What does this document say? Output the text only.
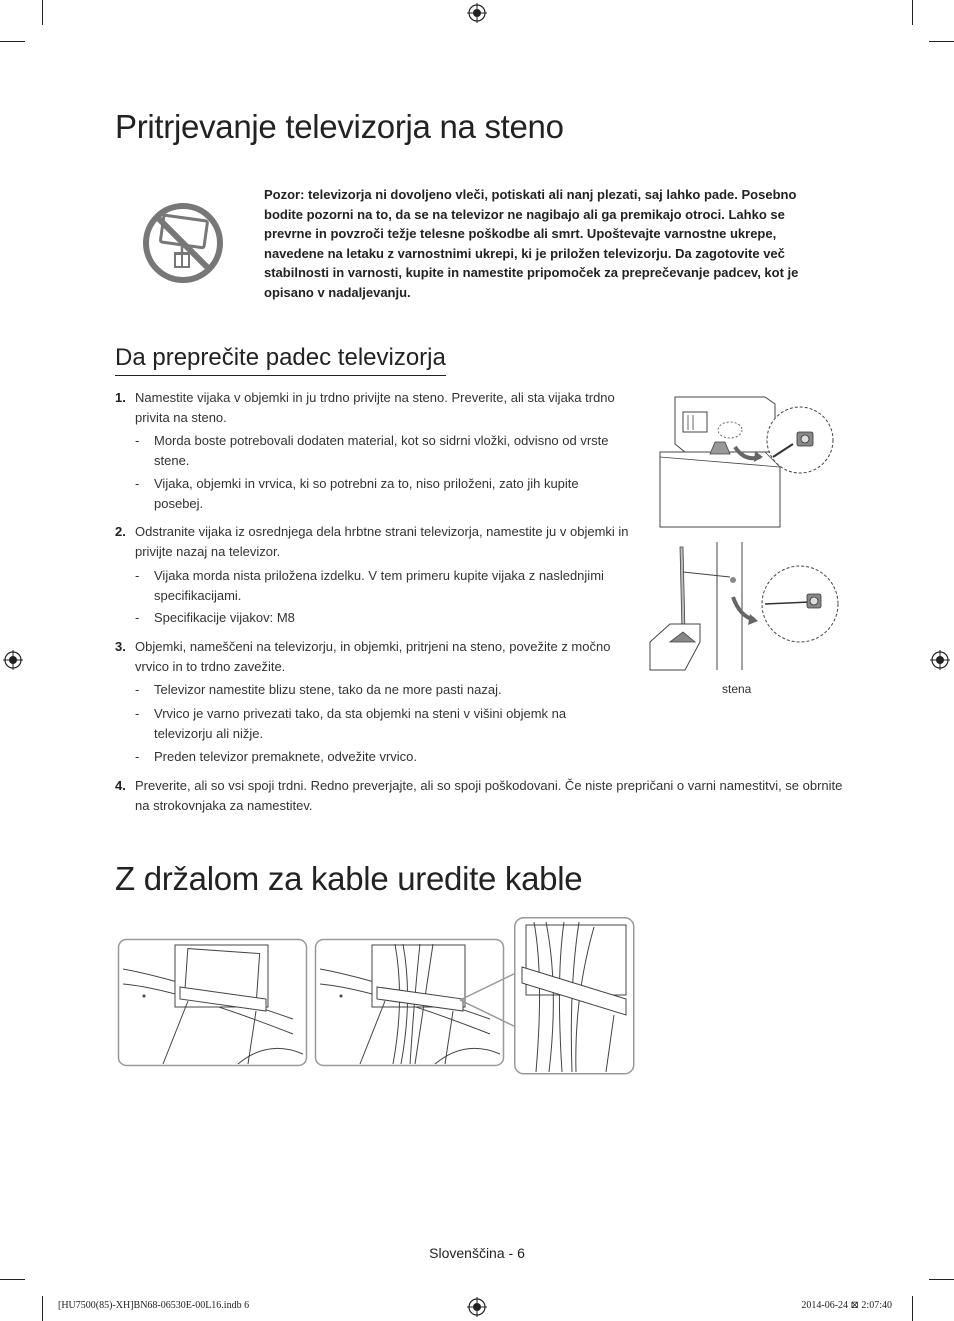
Pritrjevanje televizorja na steno
Pozor: televizorja ni dovoljeno vleči, potiskati ali nanj plezati, saj lahko pade. Posebno bodite pozorni na to, da se na televizor ne nagibajo ali ga premikajo otroci. Lahko se prevrne in povzroči težje telesne poškodbe ali smrt. Upoštevajte varnostne ukrepe, navedene na letaku z varnostnimi ukrepi, ki je priložen televizorju. Da zagotovite več stabilnosti in varnosti, kupite in namestite pripomoček za preprečevanje padcev, kot je opisano v nadaljevanju.
Da preprečite padec televizorja
1. Namestite vijaka v objemki in ju trdno privijte na steno. Preverite, ali sta vijaka trdno
privita na steno.
- Morda boste potrebovali dodaten material, kot so sidrni vložki, odvisno od vrste
stene.
- Vijaka, objemki in vrvica, ki so potrebni za to, niso priloženi, zato jih kupite
posebej.
2. Odstranite vijaka iz osrednjega dela hrbtne strani televizorja, namestite ju v objemki in
privijte nazaj na televizor.
- Vijaka morda nista priložena izdelku. V tem primeru kupite vijaka z naslednjimi
specifikacijami.
- Specifikacije vijakov: M8
3. Objemki, nameščeni na televizorju, in objemki, pritrjeni na steno, povežite z močno
vrvico in to trdno zavežite.
- Televizor namestite blizu stene, tako da ne more pasti nazaj.
- Vrvico je varno privezati tako, da sta objemki na steni v višini objemk na
televizorju ali nižje.
- Preden televizor premaknete, odvežite vrvico.
4. Preverite, ali so vsi spoji trdni. Redno preverjajte, ali so spoji poškodovani. Če niste prepričani o varni namestitvi, se obrnite
na strokovnjaka za namestitev.
stena
Z držalom za kable uredite kable
Slovenščina - 6
[HU7500(85)-XH]BN68-06530E-00L16.indb 6	2014-06-24 ⊠ 2:07:40
